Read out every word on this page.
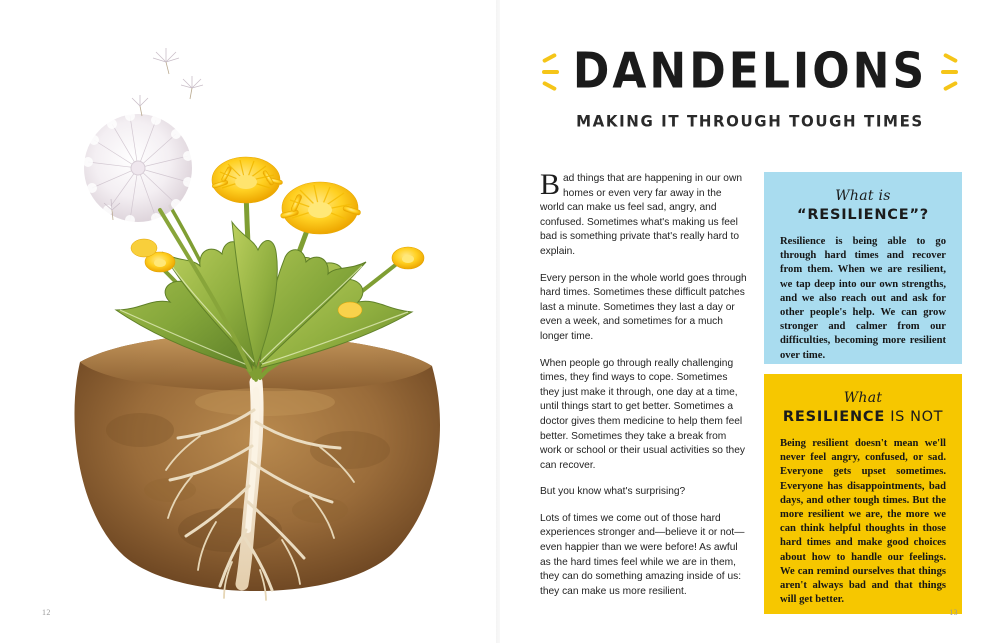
12
DANDELIONS
MAKING IT THROUGH TOUGH TIMES

Bad things that are happening in our own homes or even very far away in the world can make us feel sad, angry, and confused. Sometimes what's making us feel bad is something private that's really hard to explain.

Every person in the whole world goes through hard times. Sometimes these difficult patches last a minute. Sometimes they last a day or even a week, and sometimes for a much longer time.

When people go through really challenging times, they find ways to cope. Sometimes they just make it through, one day at a time, until things start to get better. Sometimes a doctor gives them medicine to help them feel better. Sometimes they take a break from work or school or their usual activities so they can recover.

But you know what's surprising?

Lots of times we come out of those hard experiences stronger and—believe it or not—even happier than we were before! As awful as the hard times feel while we are in them, they can do something amazing inside of us: they can make us more resilient.

What is
“RESILIENCE”?
Resilience is being able to go through hard times and recover from them. When we are resilient, we tap deep into our own strengths, and we also reach out and ask for other people's help. We can grow stronger and calmer from our difficulties, becoming more resilient over time.
What
RESILIENCE IS NOT
Being resilient doesn't mean we'll never feel angry, confused, or sad. Everyone gets upset sometimes. Everyone has disappointments, bad days, and other tough times. But the more resilient we are, the more we can think helpful thoughts in those hard times and make good choices about how to handle our feelings. We can remind ourselves that things aren't always bad and that things will get better.
13
